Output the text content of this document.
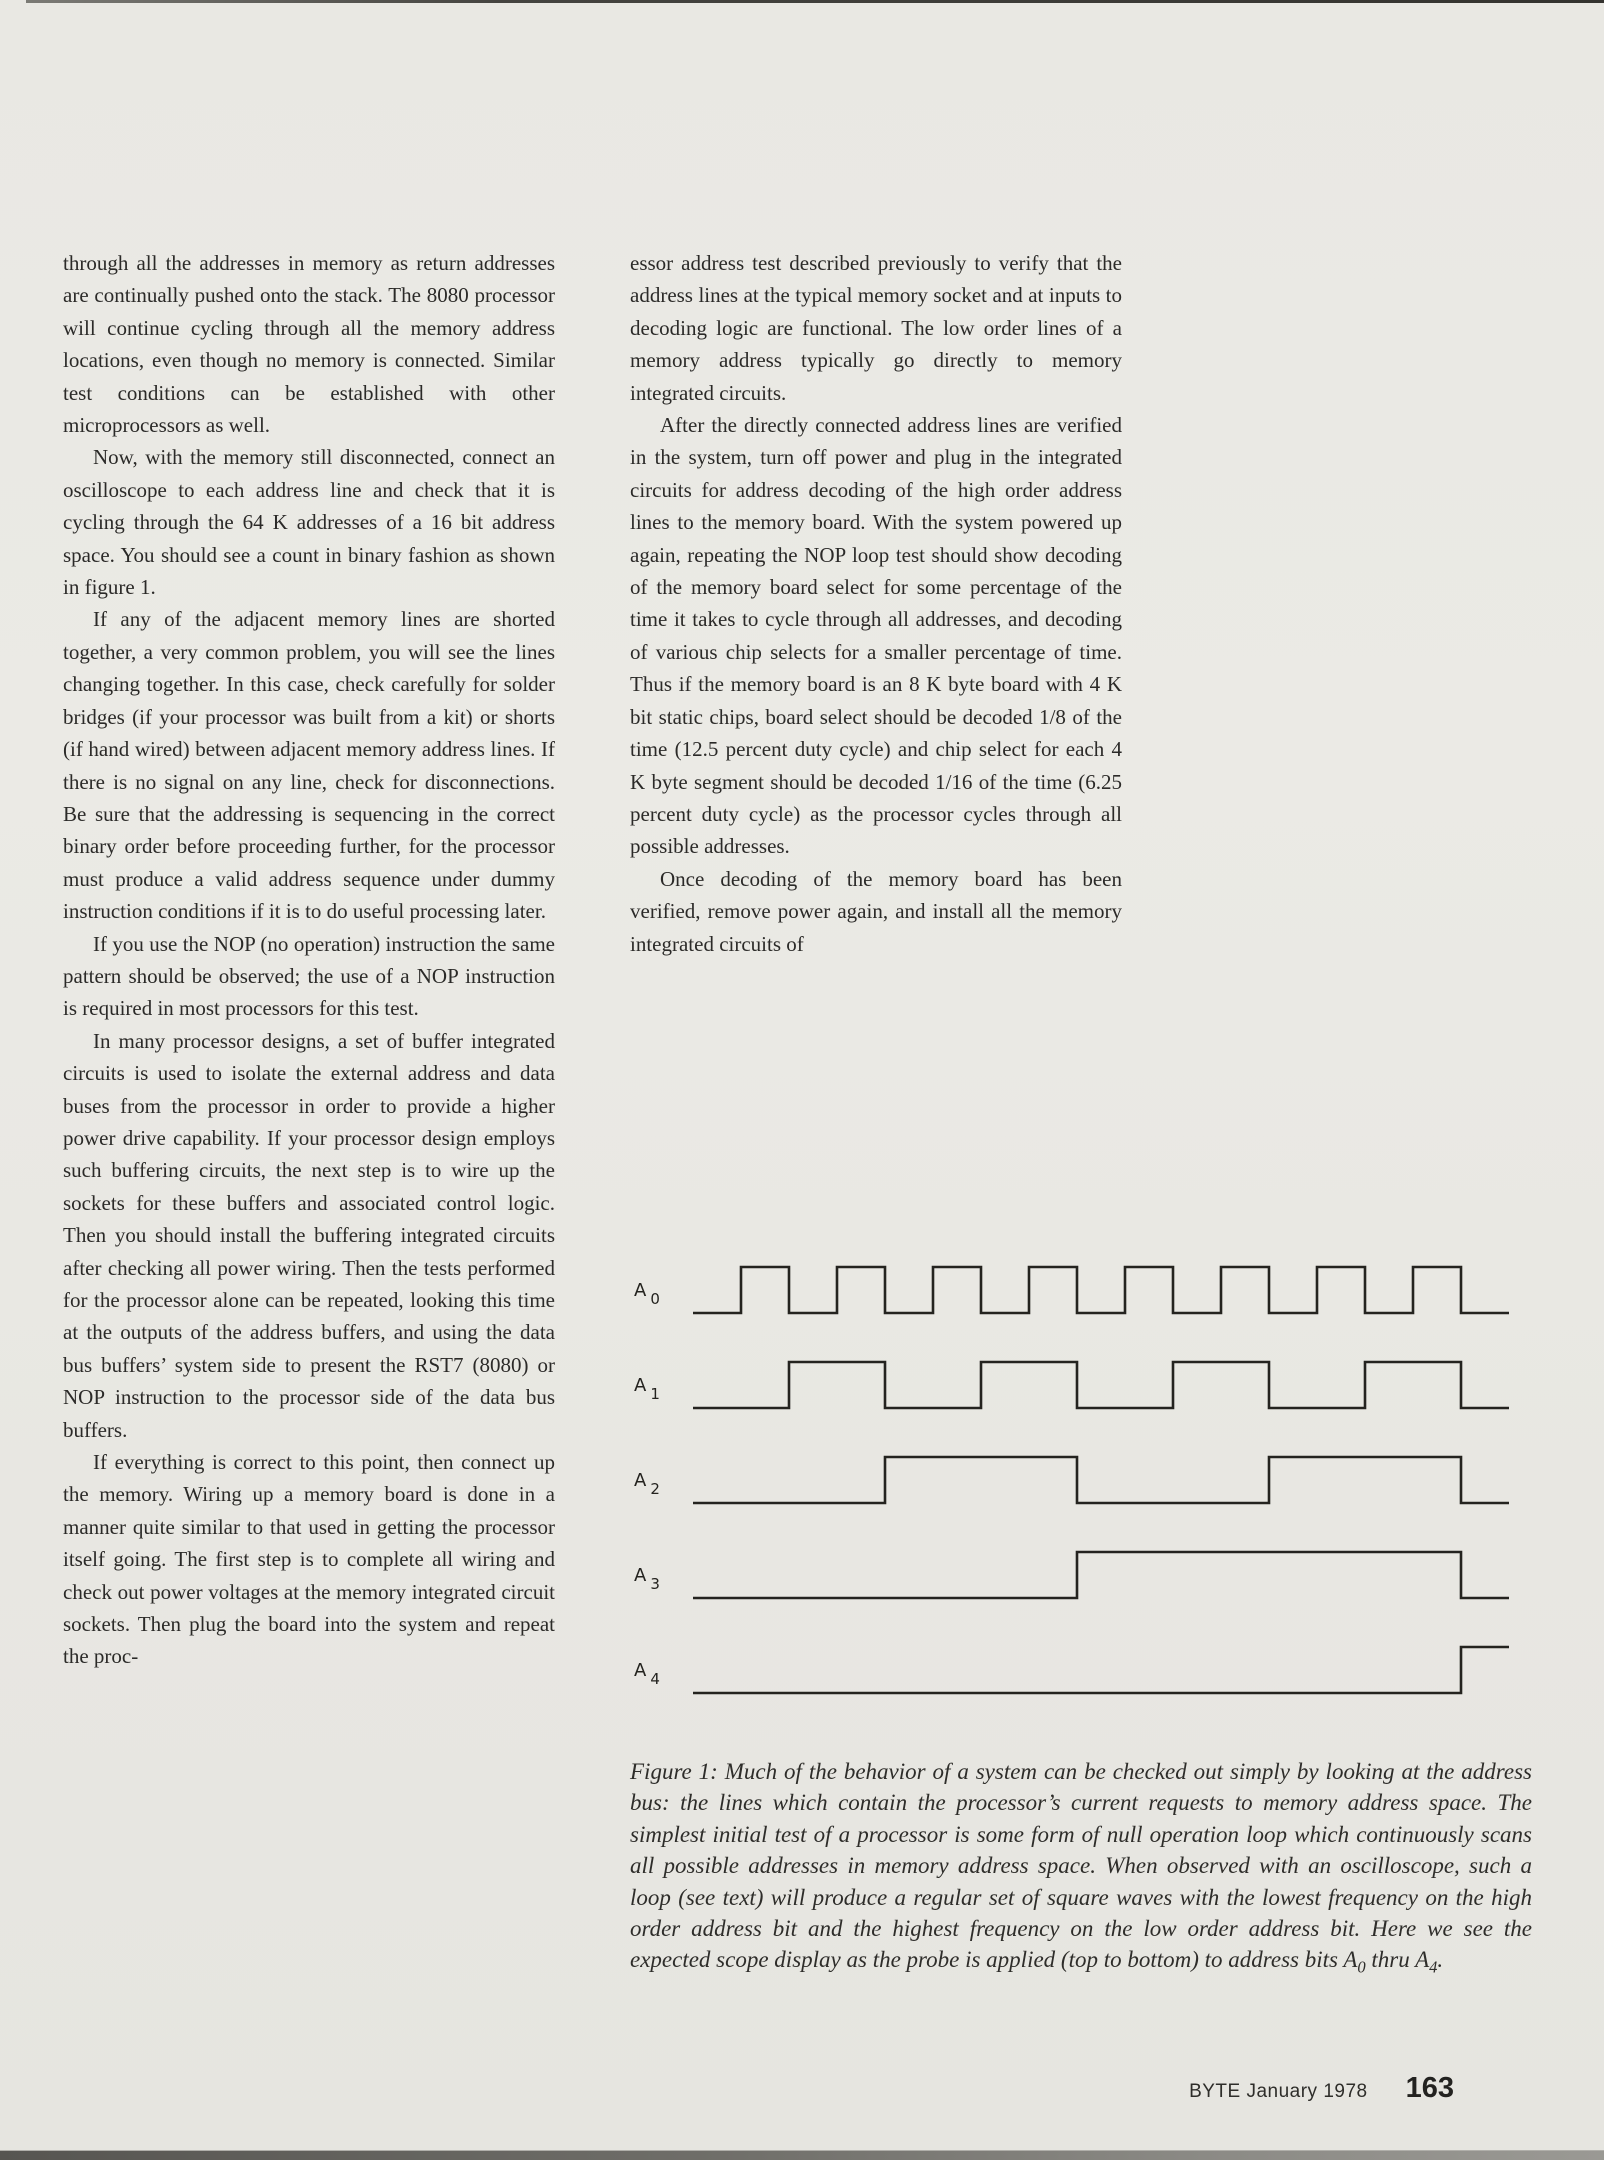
through all the addresses in memory as return addresses are continually pushed onto the stack. The 8080 processor will continue cycling through all the memory address locations, even though no memory is connected. Similar test conditions can be established with other microprocessors as well.

Now, with the memory still disconnected, connect an oscilloscope to each address line and check that it is cycling through the 64 K addresses of a 16 bit address space. You should see a count in binary fashion as shown in figure 1.

If any of the adjacent memory lines are shorted together, a very common problem, you will see the lines changing together. In this case, check carefully for solder bridges (if your processor was built from a kit) or shorts (if hand wired) between adjacent memory address lines. If there is no signal on any line, check for disconnections. Be sure that the addressing is sequencing in the correct binary order before proceeding further, for the processor must produce a valid address sequence under dummy instruction conditions if it is to do useful processing later.

If you use the NOP (no operation) instruction the same pattern should be observed; the use of a NOP instruction is required in most processors for this test.

In many processor designs, a set of buffer integrated circuits is used to isolate the external address and data buses from the processor in order to provide a higher power drive capability. If your processor design employs such buffering circuits, the next step is to wire up the sockets for these buffers and associated control logic. Then you should install the buffering integrated circuits after checking all power wiring. Then the tests performed for the processor alone can be repeated, looking this time at the outputs of the address buffers, and using the data bus buffers’ system side to present the RST7 (8080) or NOP instruction to the processor side of the data bus buffers.

If everything is correct to this point, then connect up the memory. Wiring up a memory board is done in a manner quite similar to that used in getting the processor itself going. The first step is to complete all wiring and check out power voltages at the memory integrated circuit sockets. Then plug the board into the system and repeat the proc-

essor address test described previously to verify that the address lines at the typical memory socket and at inputs to decoding logic are functional. The low order lines of a memory address typically go directly to memory integrated circuits.

After the directly connected address lines are verified in the system, turn off power and plug in the integrated circuits for address decoding of the high order address lines to the memory board. With the system powered up again, repeating the NOP loop test should show decoding of the memory board select for some percentage of the time it takes to cycle through all addresses, and decoding of various chip selects for a smaller percentage of time. Thus if the memory board is an 8 K byte board with 4 K bit static chips, board select should be decoded 1/8 of the time (12.5 percent duty cycle) and chip select for each 4 K byte segment should be decoded 1/16 of the time (6.25 percent duty cycle) as the processor cycles through all possible addresses.

Once decoding of the memory board has been verified, remove power again, and install all the memory integrated circuits of

A $_0$
A $_1$
A $_2$
A $_3$
A $_4$

Figure 1: Much of the behavior of a system can be checked out simply by looking at the address bus: the lines which contain the processor’s current requests to memory address space. The simplest initial test of a processor is some form of null operation loop which continuously scans all possible addresses in memory address space. When observed with an oscilloscope, such a loop (see text) will produce a regular set of square waves with the lowest frequency on the high order address bit and the highest frequency on the low order address bit. Here we see the expected scope display as the probe is applied (top to bottom) to address bits $A_0$ thru $A_4$.

BYTE January 1978 163
